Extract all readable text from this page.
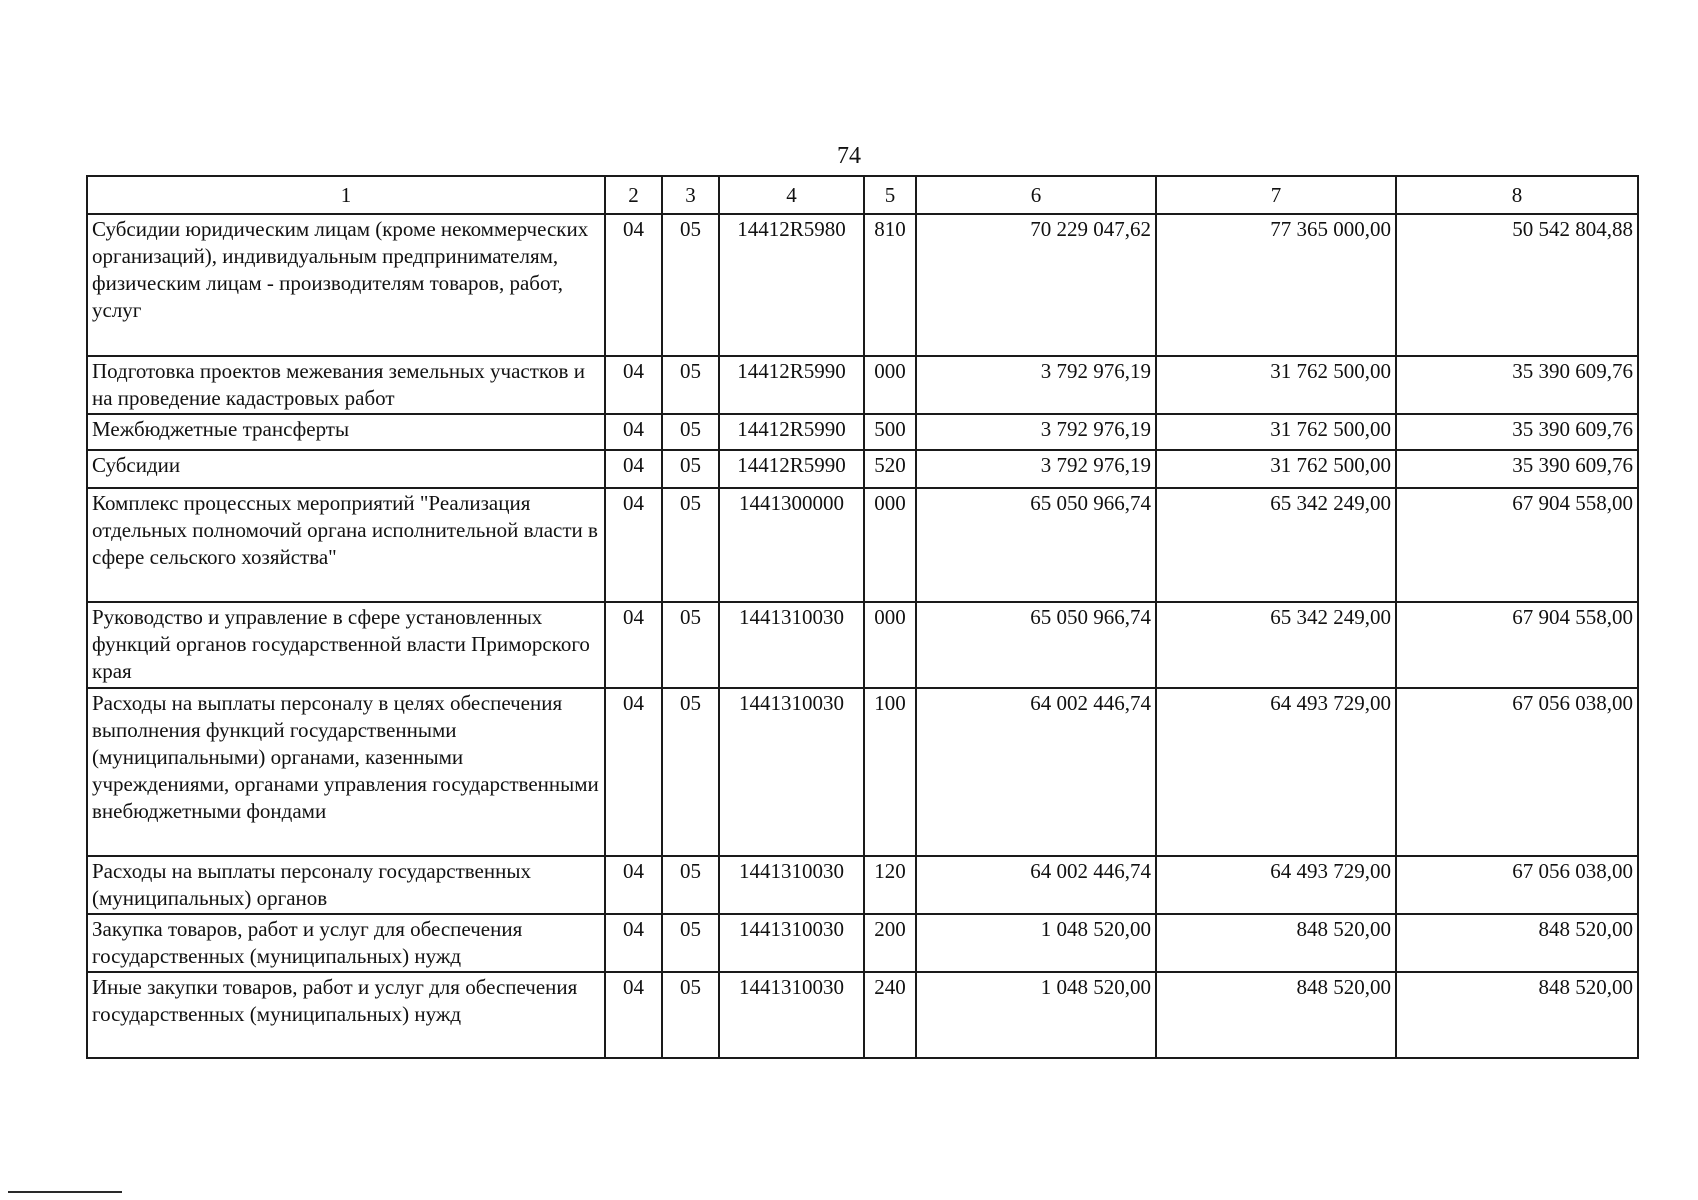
74
1	2	3	4	5	6	7	8
Субсидии юридическим лицам (кроме некоммерческих организаций), индивидуальным предпринимателям, физическим лицам - производителям товаров, работ, услуг	04	05	14412R5980	810	70 229 047,62	77 365 000,00	50 542 804,88
Подготовка проектов межевания земельных участков и на проведение кадастровых работ	04	05	14412R5990	000	3 792 976,19	31 762 500,00	35 390 609,76
Межбюджетные трансферты	04	05	14412R5990	500	3 792 976,19	31 762 500,00	35 390 609,76
Субсидии	04	05	14412R5990	520	3 792 976,19	31 762 500,00	35 390 609,76
Комплекс процессных мероприятий "Реализация отдельных полномочий органа исполнительной власти в сфере сельского хозяйства"	04	05	1441300000	000	65 050 966,74	65 342 249,00	67 904 558,00
Руководство и управление в сфере установленных функций органов государственной власти Приморского края	04	05	1441310030	000	65 050 966,74	65 342 249,00	67 904 558,00
Расходы на выплаты персоналу в целях обеспечения выполнения функций государственными (муниципальными) органами, казенными учреждениями, органами управления государственными внебюджетными фондами	04	05	1441310030	100	64 002 446,74	64 493 729,00	67 056 038,00
Расходы на выплаты персоналу государственных (муниципальных) органов	04	05	1441310030	120	64 002 446,74	64 493 729,00	67 056 038,00
Закупка товаров, работ и услуг для обеспечения государственных (муниципальных) нужд	04	05	1441310030	200	1 048 520,00	848 520,00	848 520,00
Иные закупки товаров, работ и услуг для обеспечения государственных (муниципальных) нужд	04	05	1441310030	240	1 048 520,00	848 520,00	848 520,00
